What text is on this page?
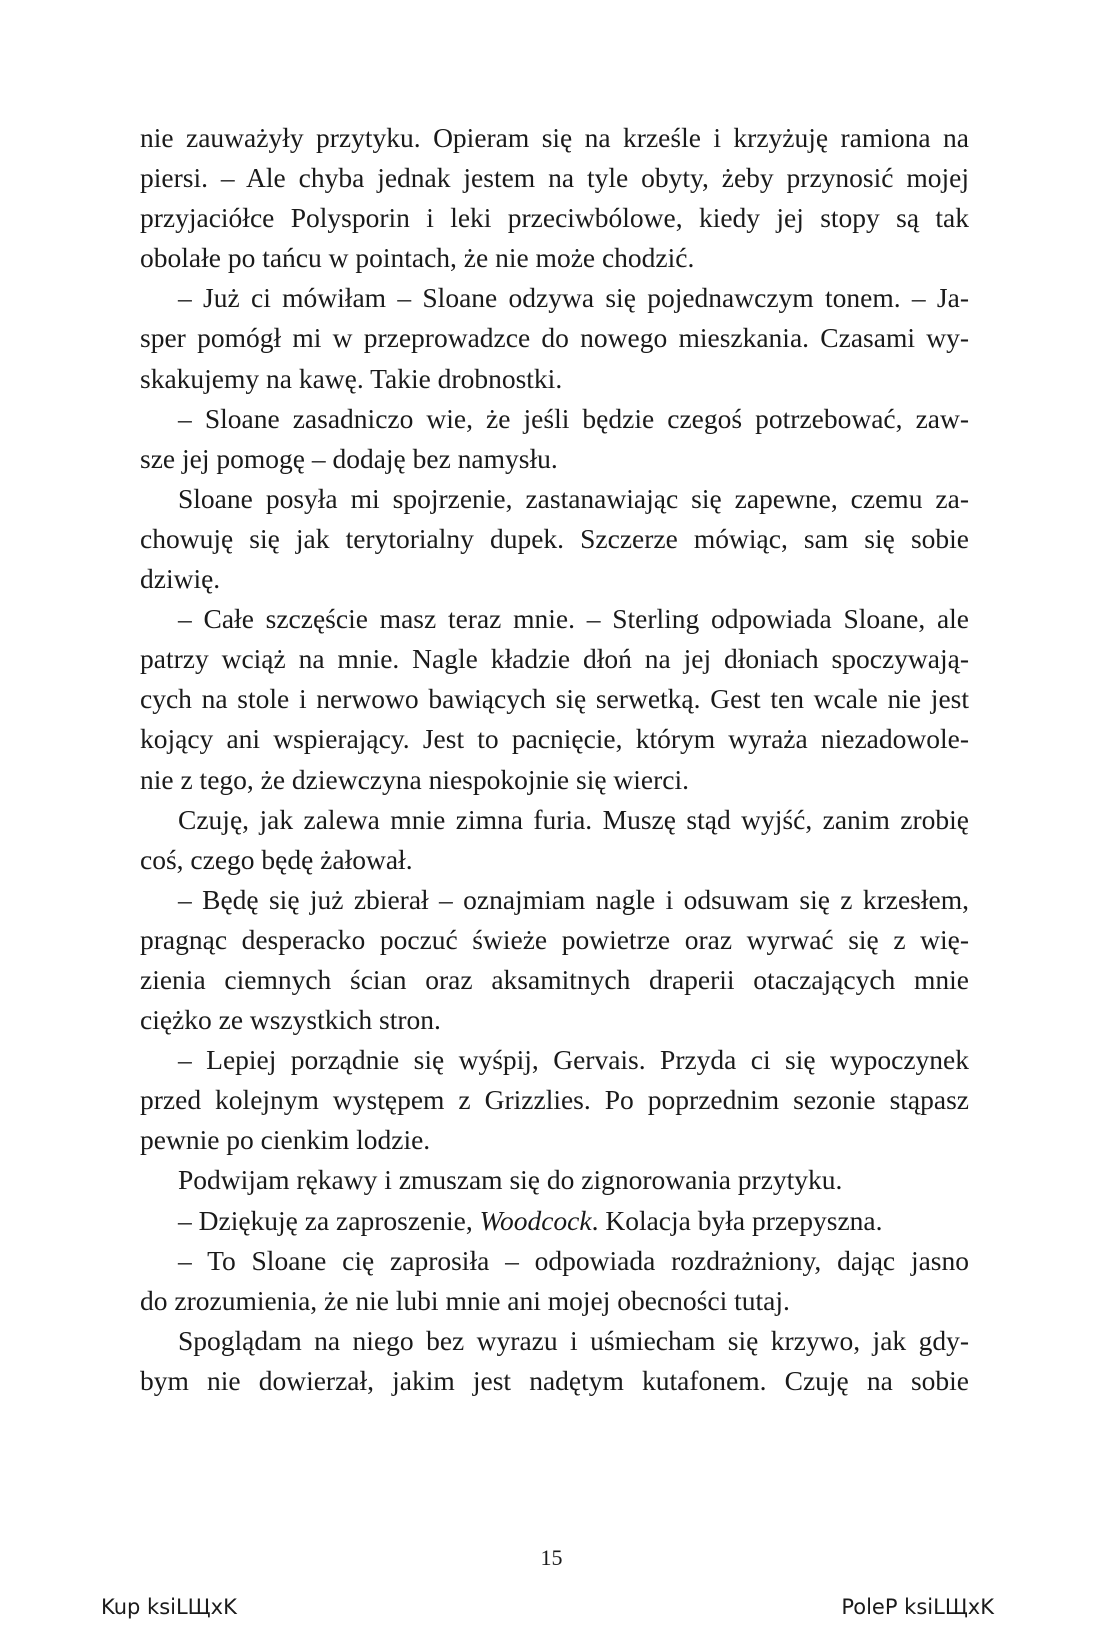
nie zauważyły przytyku. Opieram się na krześle i krzyżuję ramiona na
piersi. – Ale chyba jednak jestem na tyle obyty, żeby przynosić mojej
przyjaciółce Polysporin i leki przeciwbólowe, kiedy jej stopy są tak
obolałe po tańcu w pointach, że nie może chodzić.
– Już ci mówiłam – Sloane odzywa się pojednawczym tonem. – Ja-
sper pomógł mi w przeprowadzce do nowego mieszkania. Czasami wy-
skakujemy na kawę. Takie drobnostki.
– Sloane zasadniczo wie, że jeśli będzie czegoś potrzebować, zaw-
sze jej pomogę – dodaję bez namysłu.
Sloane posyła mi spojrzenie, zastanawiając się zapewne, czemu za-
chowuję się jak terytorialny dupek. Szczerze mówiąc, sam się sobie
dziwię.
– Całe szczęście masz teraz mnie. – Sterling odpowiada Sloane, ale
patrzy wciąż na mnie. Nagle kładzie dłoń na jej dłoniach spoczywają-
cych na stole i nerwowo bawiących się serwetką. Gest ten wcale nie jest
kojący ani wspierający. Jest to pacnięcie, którym wyraża niezadowole-
nie z tego, że dziewczyna niespokojnie się wierci.
Czuję, jak zalewa mnie zimna furia. Muszę stąd wyjść, zanim zrobię
coś, czego będę żałował.
– Będę się już zbierał – oznajmiam nagle i odsuwam się z krzesłem,
pragnąc desperacko poczuć świeże powietrze oraz wyrwać się z wię-
zienia ciemnych ścian oraz aksamitnych draperii otaczających mnie
ciężko ze wszystkich stron.
– Lepiej porządnie się wyśpij, Gervais. Przyda ci się wypoczynek
przed kolejnym występem z Grizzlies. Po poprzednim sezonie stąpasz
pewnie po cienkim lodzie.
Podwijam rękawy i zmuszam się do zignorowania przytyku.
– Dziękuję za zaproszenie, Woodcock. Kolacja była przepyszna.
– To Sloane cię zaprosiła – odpowiada rozdrażniony, dając jasno
do zrozumienia, że nie lubi mnie ani mojej obecności tutaj.
Spoglądam na niego bez wyrazu i uśmiecham się krzywo, jak gdy-
bym nie dowierzał, jakim jest nadętym kutafonem. Czuję na sobie
15
Kup ksiLЩxK	PoleP ksiLЩxK
